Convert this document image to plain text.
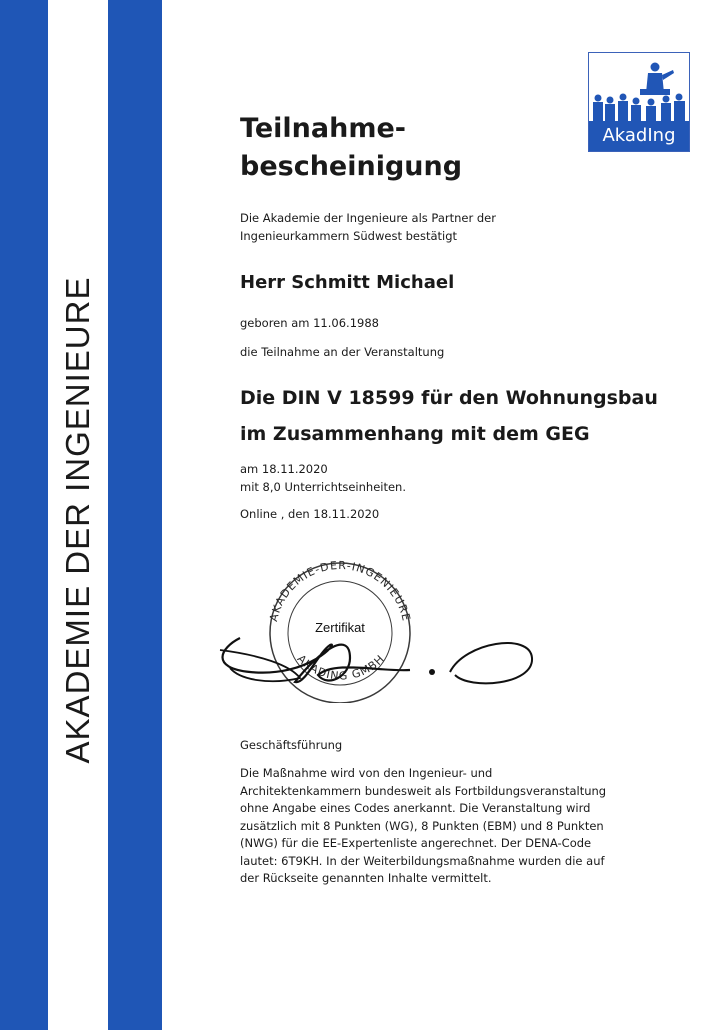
AKADEMIE DER INGENIEURE
AkadIng
Teilnahme-
bescheinigung
Die Akademie der Ingenieure als Partner der
Ingenieurkammern Südwest bestätigt
Herr Schmitt Michael
geboren am 11.06.1988
die Teilnahme an der Veranstaltung
Die DIN V 18599 für den Wohnungsbau
im Zusammenhang mit dem GEG
am 18.11.2020
mit 8,0 Unterrichtseinheiten.
Online , den 18.11.2020
Geschäftsführung
Die Maßnahme wird von den Ingenieur- und
Architektenkammern bundesweit als Fortbildungsveranstaltung
ohne Angabe eines Codes anerkannt. Die Veranstaltung wird
zusätzlich mit 8 Punkten (WG), 8 Punkten (EBM) und 8 Punkten
(NWG) für die EE-Expertenliste angerechnet. Der DENA-Code
lautet: 6T9KH. In der Weiterbildungsmaßnahme wurden die auf
der Rückseite genannten Inhalte vermittelt.
AKADEMIE-DER-INGENIEURE
AKADING GMBH
Zertifikat
